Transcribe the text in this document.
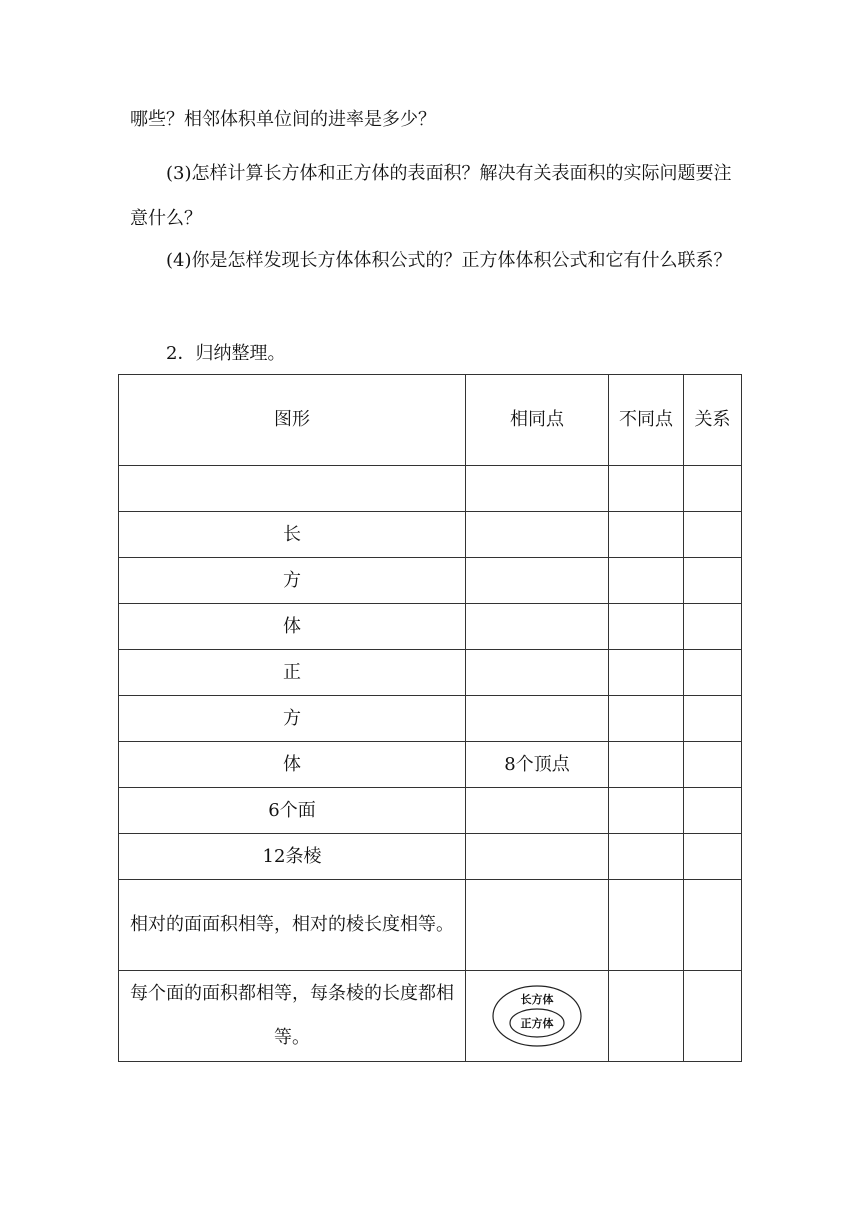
哪些？相邻体积单位间的进率是多少？

(3)怎样计算长方体和正方体的表面积？解决有关表面积的实际问题要注意什么？

(4)你是怎样发现长方体体积公式的？正方体体积公式和它有什么联系？

2．归纳整理。

图形	相同点	不同点	关系

长			
方			
体			
正			
方			
体	8个顶点		
6个面			
12条棱			
相对的面面积相等，相对的棱长度相等。			
每个面的面积都相等，每条棱的长度都相等。	长方体
正方体		
